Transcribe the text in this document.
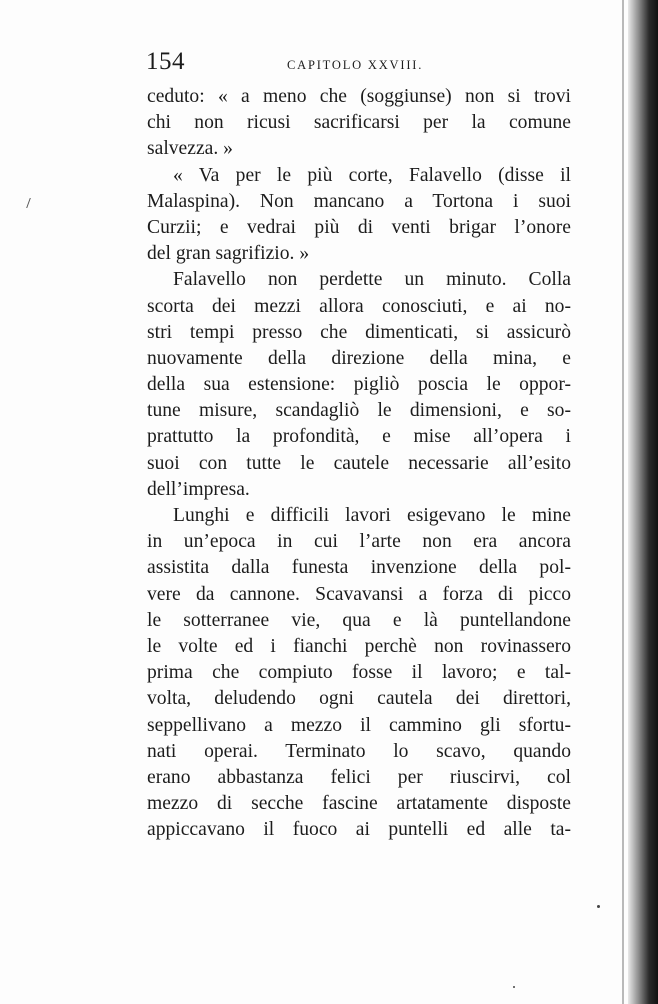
154	CAPITOLO XXVIII.
ceduto: « a meno che (soggiunse) non si trovi
chi non ricusi sacrificarsi per la comune
salvezza. »
« Va per le più corte, Falavello (disse il
Malaspina). Non mancano a Tortona i suoi
Curzii; e vedrai più di venti brigar l’onore
del gran sagrifizio. »
Falavello non perdette un minuto. Colla
scorta dei mezzi allora conosciuti, e ai no-
stri tempi presso che dimenticati, si assicurò
nuovamente della direzione della mina, e
della sua estensione: pigliò poscia le oppor-
tune misure, scandagliò le dimensioni, e so-
prattutto la profondità, e mise all’opera i
suoi con tutte le cautele necessarie all’esito
dell’impresa.
Lunghi e difficili lavori esigevano le mine
in un’epoca in cui l’arte non era ancora
assistita dalla funesta invenzione della pol-
vere da cannone. Scavavansi a forza di picco
le sotterranee vie, qua e là puntellandone
le volte ed i fianchi perchè non rovinassero
prima che compiuto fosse il lavoro; e tal-
volta, deludendo ogni cautela dei direttori,
seppellivano a mezzo il cammino gli sfortu-
nati operai. Terminato lo scavo, quando
erano abbastanza felici per riuscirvi, col
mezzo di secche fascine artatamente disposte
appiccavano il fuoco ai puntelli ed alle ta-
